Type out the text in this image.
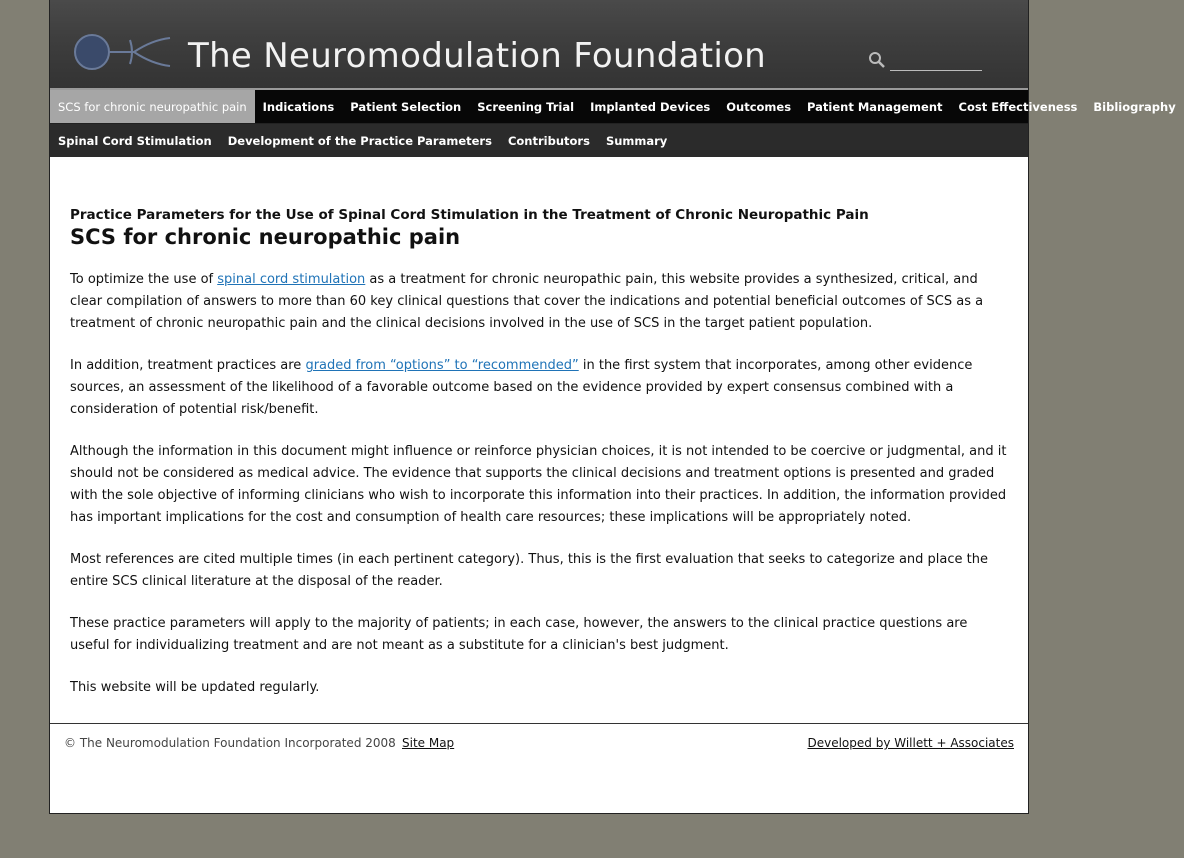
The Neuromodulation Foundation
SCS for chronic neuropathic pain	Indications	Patient Selection	Screening Trial	Implanted Devices	Outcomes	Patient Management	Cost Effectiveness	Bibliography
Spinal Cord Stimulation	Development of the Practice Parameters	Contributors	Summary
Practice Parameters for the Use of Spinal Cord Stimulation in the Treatment of Chronic Neuropathic Pain
SCS for chronic neuropathic pain

To optimize the use of spinal cord stimulation as a treatment for chronic neuropathic pain, this website provides a synthesized, critical, and clear compilation of answers to more than 60 key clinical questions that cover the indications and potential beneficial outcomes of SCS as a treatment of chronic neuropathic pain and the clinical decisions involved in the use of SCS in the target patient population.

In addition, treatment practices are graded from “options” to “recommended” in the first system that incorporates, among other evidence sources, an assessment of the likelihood of a favorable outcome based on the evidence provided by expert consensus combined with a consideration of potential risk/benefit.

Although the information in this document might influence or reinforce physician choices, it is not intended to be coercive or judgmental, and it should not be considered as medical advice. The evidence that supports the clinical decisions and treatment options is presented and graded with the sole objective of informing clinicians who wish to incorporate this information into their practices. In addition, the information provided has important implications for the cost and consumption of health care resources; these implications will be appropriately noted.

Most references are cited multiple times (in each pertinent category). Thus, this is the first evaluation that seeks to categorize and place the entire SCS clinical literature at the disposal of the reader.

These practice parameters will apply to the majority of patients; in each case, however, the answers to the clinical practice questions are useful for individualizing treatment and are not meant as a substitute for a clinician's best judgment.

This website will be updated regularly.

© The Neuromodulation Foundation Incorporated 2008 Site Map	Developed by Willett + Associates
